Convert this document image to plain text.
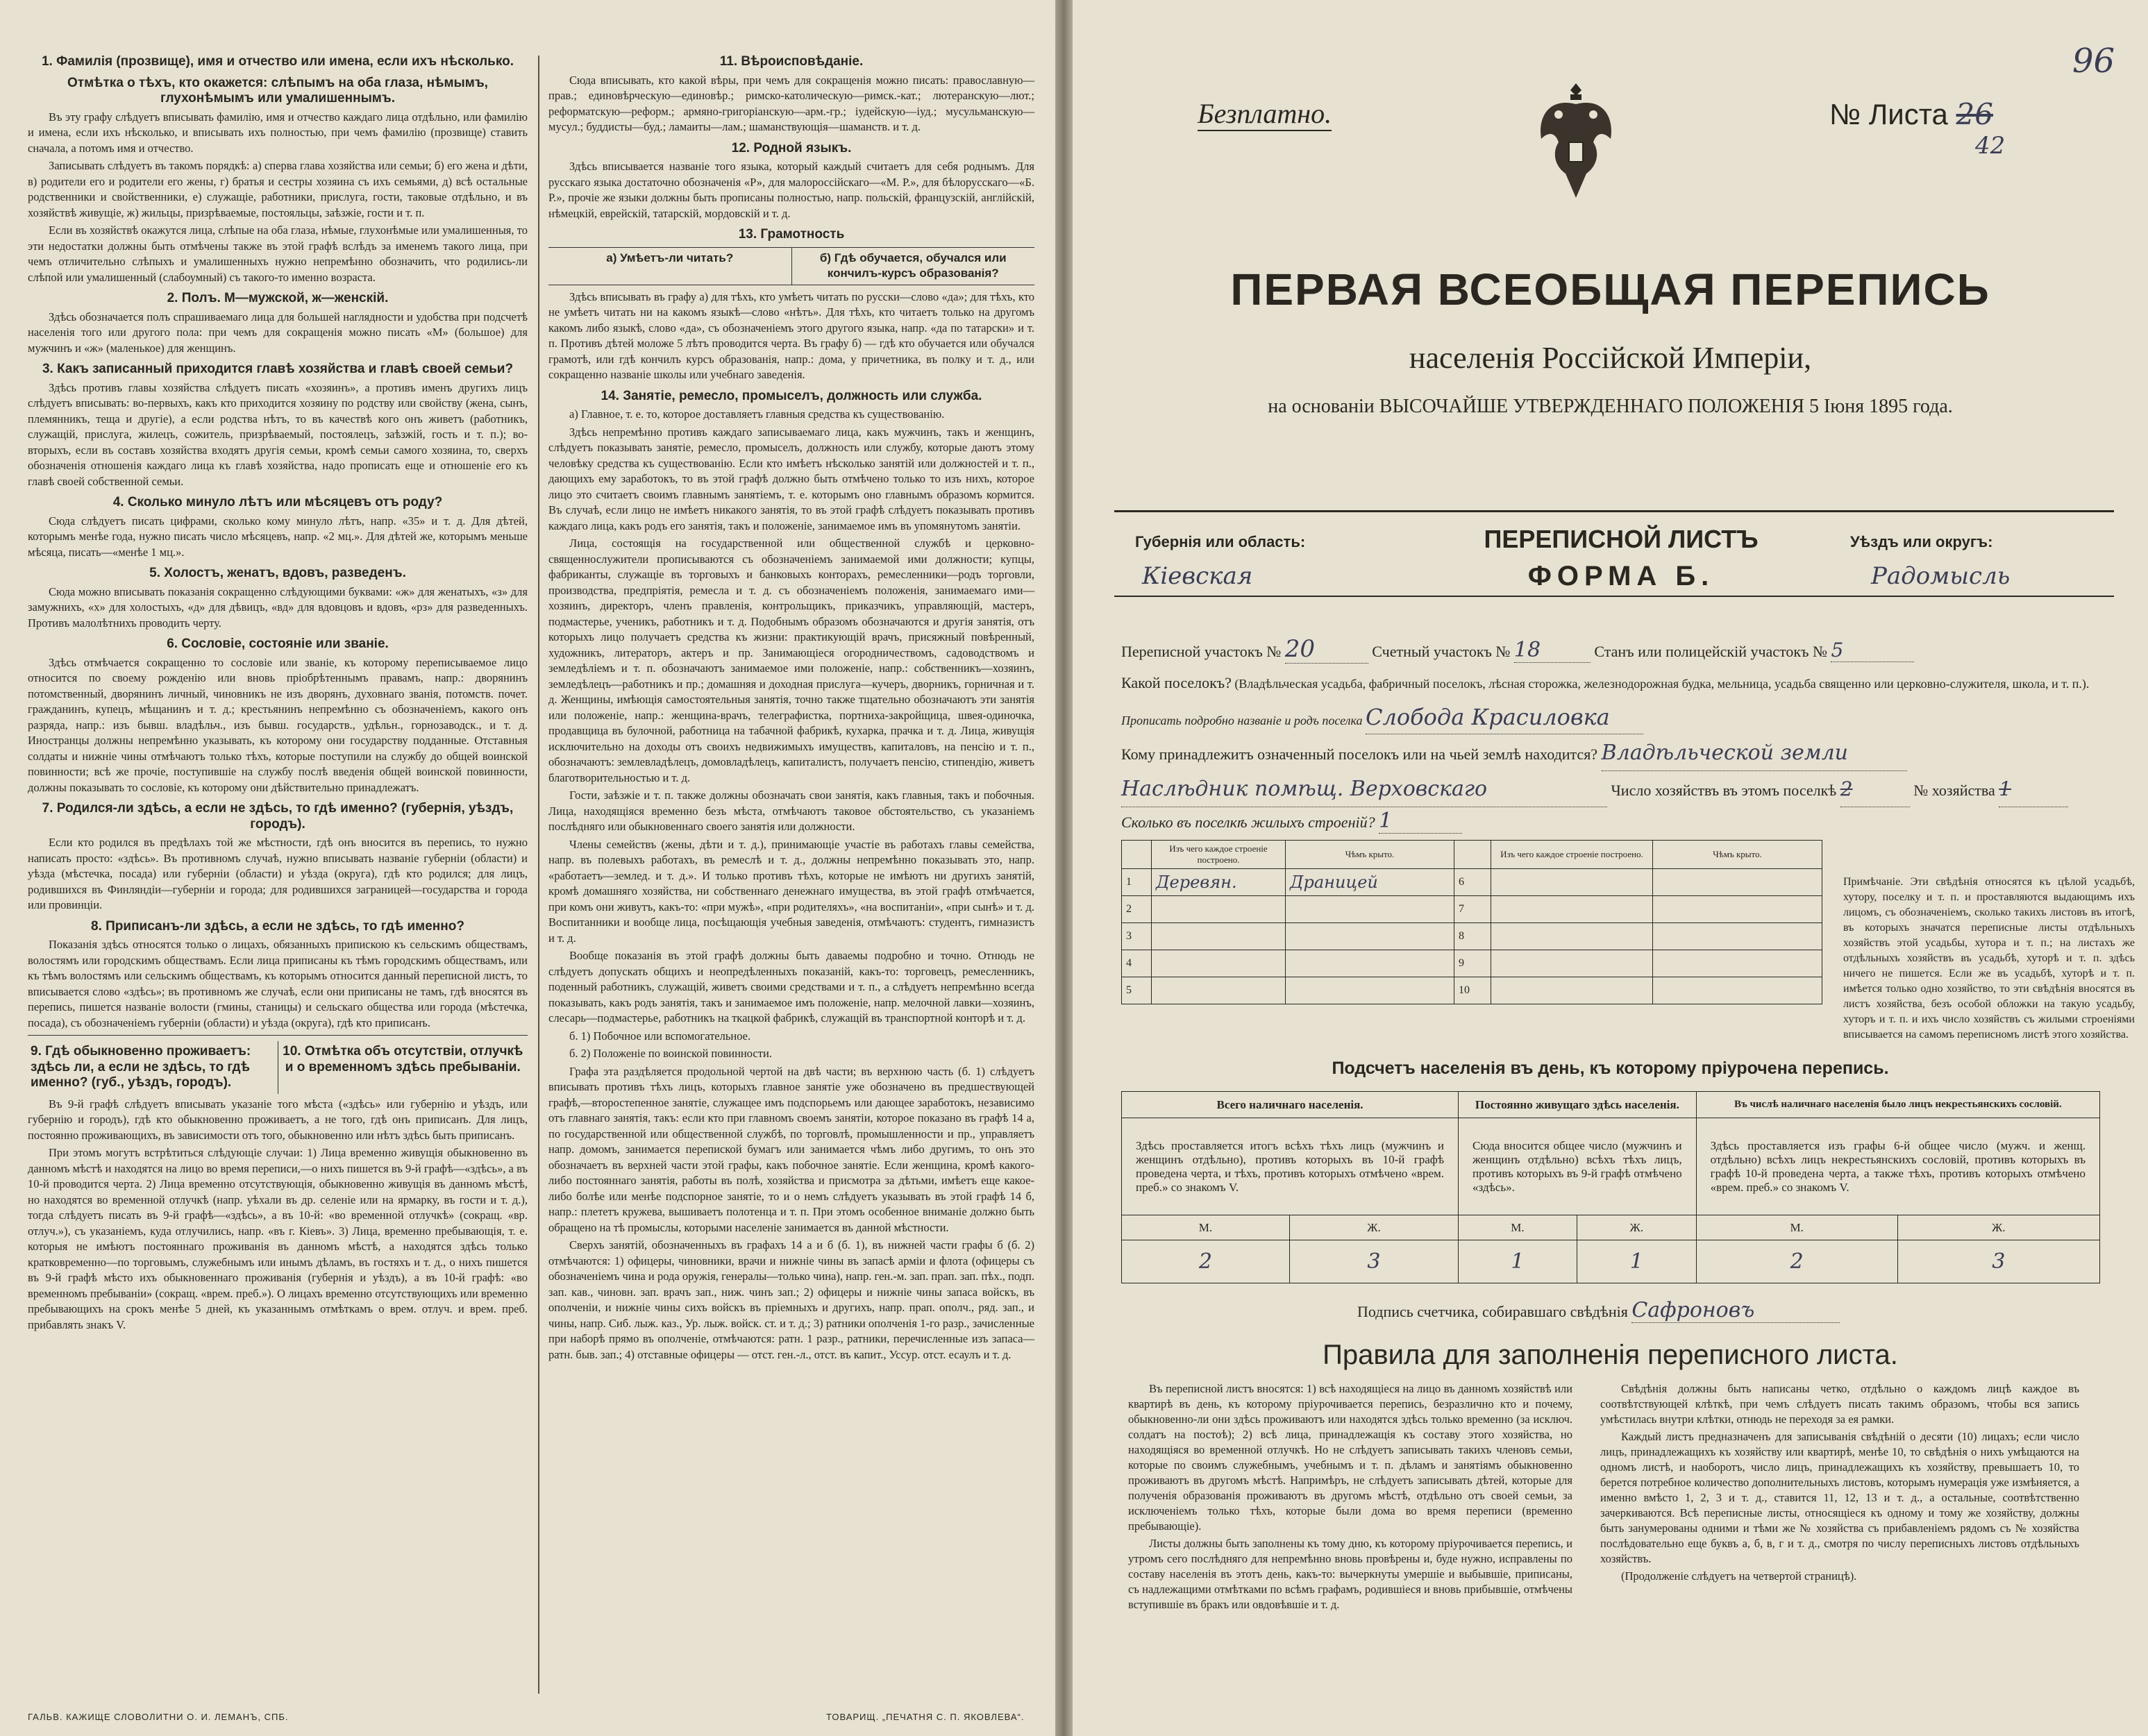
1. Фамилія (прозвище), имя и отчество или имена, если ихъ нѣсколько.
Отмѣтка о тѣхъ, кто окажется: слѣпымъ на оба глаза, нѣмымъ, глухонѣмымъ или умалишеннымъ.
Въ эту графу слѣдуетъ вписывать фамилію, имя и отчество каждаго лица отдѣльно, или фамилію и имена, если ихъ нѣсколько, и вписывать ихъ полностью, при чемъ фамилію (прозвище) ставить сначала, а потомъ имя и отчество.
Записывать слѣдуетъ въ такомъ порядкѣ: а) сперва глава хозяйства или семьи; б) его жена и дѣти, в) родители его и родители его жены, г) братья и сестры хозяина съ ихъ семьями, д) всѣ остальные родственники и свойственники, е) служащіе, работники, прислуга, гости, таковые отдѣльно, и въ хозяйствѣ живущіе, ж) жильцы, призрѣваемые, постояльцы, заѣзжіе, гости и т. п.
Если въ хозяйствѣ окажутся лица, слѣпые на оба глаза, нѣмые, глухонѣмые или умалишенныя, то эти недостатки должны быть отмѣчены также въ этой графѣ вслѣдъ за именемъ такого лица, при чемъ отличительно слѣпыхъ и умалишенныхъ нужно непремѣнно обозначить, что родились-ли слѣпой или умалишенный (слабоумный) съ такого-то именно возраста.
2. Полъ. М—мужской, ж—женскій.
Здѣсь обозначается полъ спрашиваемаго лица для большей наглядности и удобства при подсчетѣ населенія того или другого пола: при чемъ для сокращенія можно писать «М» (большое) для мужчинъ и «ж» (маленькое) для женщинъ.
3. Какъ записанный приходится главѣ хозяйства и главѣ своей семьи?
Здѣсь противъ главы хозяйства слѣдуетъ писать «хозяинъ», а противъ именъ другихъ лицъ слѣдуетъ вписывать: во-первыхъ, какъ кто приходится хозяину по родству или свойству (жена, сынъ, племянникъ, теща и другіе), а если родства нѣтъ, то въ качествѣ кого онъ живетъ (работникъ, служащій, прислуга, жилецъ, сожитель, призрѣваемый, постоялецъ, заѣзжій, гость и т. п.); во-вторыхъ, если въ составъ хозяйства входятъ другія семьи, кромѣ семьи самого хозяина, то, сверхъ обозначенія отношенія каждаго лица къ главѣ хозяйства, надо прописать еще и отношеніе его къ главѣ своей собственной семьи.
4. Сколько минуло лѣтъ или мѣсяцевъ отъ роду?
Сюда слѣдуетъ писать цифрами, сколько кому минуло лѣтъ, напр. «35» и т. д. Для дѣтей, которымъ менѣе года, нужно писать число мѣсяцевъ, напр. «2 мц.». Для дѣтей же, которымъ меньше мѣсяца, писать—«менѣе 1 мц.».
5. Холостъ, женатъ, вдовъ, разведенъ.
Сюда можно вписывать показанія сокращенно слѣдующими буквами: «ж» для женатыхъ, «з» для замужнихъ, «х» для холостыхъ, «д» для дѣвицъ, «вд» для вдовцовъ и вдовъ, «рз» для разведенныхъ. Противъ малолѣтнихъ проводить черту.
6. Сословіе, состояніе или званіе.
Здѣсь отмѣчается сокращенно то сословіе или званіе, къ которому переписываемое лицо относится по своему рожденію или вновь пріобрѣтеннымъ правамъ, напр.: дворянинъ потомственный, дворянинъ личный, чиновникъ не изъ дворянъ, духовнаго званія, потомств. почет. гражданинъ, купецъ, мѣщанинъ и т. д.; крестьянинъ непремѣнно съ обозначеніемъ, какого онъ разряда, напр.: изъ бывш. владѣльч., изъ бывш. государств., удѣльн., горнозаводск., и т. д. Иностранцы должны непремѣнно указывать, къ которому они государству подданные. Отставныя солдаты и нижніе чины отмѣчаютъ только тѣхъ, которые поступили на службу до общей воинской повинности; всѣ же прочіе, поступившіе на службу послѣ введенія общей воинской повинности, должны показывать то сословіе, къ которому они дѣйствительно принадлежатъ.
7. Родился-ли здѣсь, а если не здѣсь, то гдѣ именно? (губернія, уѣздъ, городъ).
Если кто родился въ предѣлахъ той же мѣстности, гдѣ онъ вносится въ перепись, то нужно написать просто: «здѣсь». Въ противномъ случаѣ, нужно вписывать названіе губерніи (области) и уѣзда (мѣстечка, посада) или губерніи (области) и уѣзда (округа), гдѣ кто родился; для лицъ, родившихся въ Финляндіи—губерніи и города; для родившихся заграницей—государства и города или провинціи.
8. Приписанъ-ли здѣсь, а если не здѣсь, то гдѣ именно?
Показанія здѣсь относятся только о лицахъ, обязанныхъ припискою къ сельскимъ обществамъ, волостямъ или городскимъ обществамъ. Если лица приписаны къ тѣмъ городскимъ обществамъ, или къ тѣмъ волостямъ или сельскимъ обществамъ, къ которымъ относится данный переписной листъ, то вписывается слово «здѣсь»; въ противномъ же случаѣ, если они приписаны не тамъ, гдѣ вносятся въ перепись, пишется названіе волости (гмины, станицы) и сельскаго общества или города (мѣстечка, посада), съ обозначеніемъ губерніи (области) и уѣзда (округа), гдѣ кто приписанъ.
9. Гдѣ обыкновенно проживаетъ: здѣсь ли, а если не здѣсь, то гдѣ именно? (губ., уѣздъ, городъ).
10. Отмѣтка объ отсутствіи, отлучкѣ и о временномъ здѣсь пребываніи.
Въ 9-й графѣ слѣдуетъ вписывать указаніе того мѣста («здѣсь» или губернію и уѣздъ, или губернію и городъ), гдѣ кто обыкновенно проживаетъ, а не того, гдѣ онъ приписанъ. Для лицъ, постоянно проживающихъ, въ зависимости отъ того, обыкновенно или нѣтъ здѣсь быть приписанъ.
При этомъ могутъ встрѣтиться слѣдующіе случаи: 1) Лица временно живущія обыкновенно въ данномъ мѣстѣ и находятся на лицо во время переписи,—о нихъ пишется въ 9-й графѣ—«здѣсь», а въ 10-й проводится черта. 2) Лица временно отсутствующія, обыкновенно живущія въ данномъ мѣстѣ, но находятся во временной отлучкѣ (напр. уѣхали въ др. селеніе или на ярмарку, въ гости и т. д.), тогда слѣдуетъ писать въ 9-й графѣ—«здѣсь», а въ 10-й: «во временной отлучкѣ» (сокращ. «вр. отлуч.»), съ указаніемъ, куда отлучились, напр. «въ г. Кіевъ». 3) Лица, временно пребывающія, т. е. которыя не имѣютъ постояннаго проживанія въ данномъ мѣстѣ, а находятся здѣсь только кратковременно—по торговымъ, служебнымъ или инымъ дѣламъ, въ гостяхъ и т. д., о нихъ пишется въ 9-й графѣ мѣсто ихъ обыкновеннаго проживанія (губернія и уѣздъ), а въ 10-й графѣ: «во временномъ пребываніи» (сокращ. «врем. преб.»). О лицахъ временно отсутствующихъ или временно пребывающихъ на срокъ менѣе 5 дней, къ указаннымъ отмѣткамъ о врем. отлуч. и врем. преб. прибавлять знакъ V.
11. Вѣроисповѣданіе.
Сюда вписывать, кто какой вѣры, при чемъ для сокращенія можно писать: православную—прав.; единовѣрческую—единовѣр.; римско-католическую—римск.-кат.; лютеранскую—лют.; реформатскую—реформ.; армяно-григоріанскую—арм.-гр.; іудейскую—іуд.; мусульманскую—мусул.; буддисты—буд.; ламаиты—лам.; шаманствующія—шаманств. и т. д.
12. Родной языкъ.
Здѣсь вписывается названіе того языка, который каждый считаетъ для себя роднымъ. Для русскаго языка достаточно обозначенія «Р», для малороссійскаго—«М. Р.», для бѣлорусскаго—«Б. Р.», прочіе же языки должны быть прописаны полностью, напр. польскій, французскій, англійскій, нѣмецкій, еврейскій, татарскій, мордовскій и т. д.
13. Грамотность
а) Умѣетъ-ли читать?	б) Гдѣ обучается, обучался или кончилъ-курсъ образованія?
Здѣсь вписывать въ графу а) для тѣхъ, кто умѣетъ читать по русски—слово «да»; для тѣхъ, кто не умѣетъ читать ни на какомъ языкѣ—слово «нѣтъ». Для тѣхъ, кто читаетъ только на другомъ какомъ либо языкѣ, слово «да», съ обозначеніемъ этого другого языка, напр. «да по татарски» и т. п. Противъ дѣтей моложе 5 лѣтъ проводится черта. Въ графу б) — гдѣ кто обучается или обучался грамотѣ, или гдѣ кончилъ курсъ образованія, напр.: дома, у причетника, въ полку и т. д., или сокращенно названіе школы или учебнаго заведенія.
14. Занятіе, ремесло, промыселъ, должность или служба.
а) Главное, т. е. то, которое доставляетъ главныя средства къ существованію.
Здѣсь непремѣнно противъ каждаго записываемаго лица, какъ мужчинъ, такъ и женщинъ, слѣдуетъ показывать занятіе, ремесло, промыселъ, должность или службу, которые даютъ этому человѣку средства къ существованію. Если кто имѣетъ нѣсколько занятій или должностей и т. п., дающихъ ему заработокъ, то въ этой графѣ должно быть отмѣчено только то изъ нихъ, которое лицо это считаетъ своимъ главнымъ занятіемъ, т. е. которымъ оно главнымъ образомъ кормится. Въ случаѣ, если лицо не имѣетъ никакого занятія, то въ этой графѣ слѣдуетъ показывать противъ каждаго лица, какъ родъ его занятія, такъ и положеніе, занимаемое имъ въ упомянутомъ занятіи.
Лица, состоящія на государственной или общественной службѣ и церковно-священнослужители прописываются съ обозначеніемъ занимаемой ими должности; купцы, фабриканты, служащіе въ торговыхъ и банковыхъ конторахъ, ремесленники—родъ торговли, производства, предпріятія, ремесла и т. д. съ обозначеніемъ положенія, занимаемаго ими—хозяинъ, директоръ, членъ правленія, контрольщикъ, приказчикъ, управляющій, мастеръ, подмастерье, ученикъ, работникъ и т. д. Подобнымъ образомъ обозначаются и другія занятія, отъ которыхъ лицо получаетъ средства къ жизни: практикующій врачъ, присяжный повѣренный, художникъ, литераторъ, актеръ и пр. Занимающіеся огородничествомъ, садоводствомъ и земледѣліемъ и т. п. обозначаютъ занимаемое ими положеніе, напр.: собственникъ—хозяинъ, земледѣлецъ—работникъ и пр.; домашняя и доходная прислуга—кучеръ, дворникъ, горничная и т. д. Женщины, имѣющія самостоятельныя занятія, точно также тщательно обозначаютъ эти занятія или положеніе, напр.: женщина-врачъ, телеграфистка, портниха-закройщица, швея-одиночка, продавщица въ булочной, работница на табачной фабрикѣ, кухарка, прачка и т. д. Лица, живущія исключительно на доходы отъ своихъ недвижимыхъ имуществъ, капиталовъ, на пенсію и т. п., обозначаютъ: землевладѣлецъ, домовладѣлецъ, капиталистъ, получаетъ пенсію, стипендію, живетъ благотворительностью и т. д.
Гости, заѣзжіе и т. п. также должны обозначать свои занятія, какъ главныя, такъ и побочныя. Лица, находящіяся временно безъ мѣста, отмѣчаютъ таковое обстоятельство, съ указаніемъ послѣдняго или обыкновеннаго своего занятія или должности.
Члены семействъ (жены, дѣти и т. д.), принимающіе участіе въ работахъ главы семейства, напр. въ полевыхъ работахъ, въ ремеслѣ и т. д., должны непремѣнно показывать это, напр. «работаетъ—землед. и т. д.». И только противъ тѣхъ, которые не имѣютъ ни другихъ занятій, кромѣ домашняго хозяйства, ни собственнаго денежнаго имущества, въ этой графѣ отмѣчается, при комъ они живутъ, какъ-то: «при мужѣ», «при родителяхъ», «на воспитаніи», «при сынѣ» и т. д. Воспитанники и вообще лица, посѣщающія учебныя заведенія, отмѣчаютъ: студентъ, гимназистъ и т. д.
Вообще показанія въ этой графѣ должны быть даваемы подробно и точно. Отнюдь не слѣдуетъ допускать общихъ и неопредѣленныхъ показаній, какъ-то: торговецъ, ремесленникъ, поденный работникъ, служащій, живетъ своими средствами и т. п., а слѣдуетъ непремѣнно всегда показывать, какъ родъ занятія, такъ и занимаемое имъ положеніе, напр. мелочной лавки—хозяинъ, слесарь—подмастерье, работникъ на ткацкой фабрикѣ, служащій въ транспортной конторѣ и т. д.
б. 1) Побочное или вспомогательное.
б. 2) Положеніе по воинской повинности.
Графа эта раздѣляется продольной чертой на двѣ части; въ верхнюю часть (б. 1) слѣдуетъ вписывать противъ тѣхъ лицъ, которыхъ главное занятіе уже обозначено въ предшествующей графѣ,—второстепенное занятіе, служащее имъ подспорьемъ или дающее заработокъ, независимо отъ главнаго занятія, такъ: если кто при главномъ своемъ занятіи, которое показано въ графѣ 14 а, по государственной или общественной службѣ, по торговлѣ, промышленности и пр., управляетъ напр. домомъ, занимается перепиской бумагъ или занимается чѣмъ либо другимъ, то онъ это обозначаетъ въ верхней части этой графы, какъ побочное занятіе. Если женщина, кромѣ какого-либо постояннаго занятія, работы въ полѣ, хозяйства и присмотра за дѣтьми, имѣетъ еще какое-либо болѣе или менѣе подспорное занятіе, то и о немъ слѣдуетъ указывать въ этой графѣ 14 б, напр.: плететъ кружева, вышиваетъ полотенца и т. п. При этомъ особенное вниманіе должно быть обращено на тѣ промыслы, которыми населеніе занимается въ данной мѣстности.
Сверхъ занятій, обозначенныхъ въ графахъ 14 а и б (б. 1), въ нижней части графы б (б. 2) отмѣчаются: 1) офицеры, чиновники, врачи и нижніе чины въ запасѣ арміи и флота (офицеры съ обозначеніемъ чина и рода оружія, генералы—только чина), напр. ген.-м. зап. прап. зап. пѣх., подп. зап. кав., чиновн. зап. врачъ зап., ниж. чинъ зап.; 2) офицеры и нижніе чины запаса войскъ, въ ополченіи, и нижніе чины сихъ войскъ въ пріемныхъ и другихъ, напр. прап. ополч., ряд. зап., и чины, напр. Сиб. лыж. каз., Ур. лыж. войск. ст. и т. д.; 3) ратники ополченія 1-го разр., зачисленные при наборѣ прямо въ ополченіе, отмѣчаются: ратн. 1 разр., ратники, перечисленные изъ запаса—ратн. быв. зап.; 4) отставные офицеры — отст. ген.-л., отст. въ капит., Уссур. отст. есаулъ и т. д.
ГАЛЬВ. КАЖИЩЕ СЛОВОЛИТНИ О. И. ЛЕМАНЪ, СПБ.	ТОВАРИЩ. „ПЕЧАТНЯ С. П. ЯКОВЛЕВА“.
Безплатно.	№ Листа 26
42
96
ПЕРВАЯ ВСЕОБЩАЯ ПЕРЕПИСЬ
населенія Россійской Имперіи,
на основаніи ВЫСОЧАЙШЕ УТВЕРЖДЕННАГО ПОЛОЖЕНІЯ 5 Іюня 1895 года.
Губернія или область:
Кіевская
ПЕРЕПИСНОЙ ЛИСТЪ
ФОРМА Б.
Уѣздъ или округъ:
Радомысль
Переписной участокъ № 20	Счетный участокъ № 18	Станъ или полицейскій участокъ № 5
Какой поселокъ? (Владѣльческая усадьба, фабричный поселокъ, лѣсная сторожка, железнодорожная будка, мельница, усадьба священно или церковно-служителя, школа, и т. п.). Прописать подробно названіе и родъ поселка Слобода Красиловка
Кому принадлежитъ означенный поселокъ или на чьей землѣ находится? Владѣльческой земли
Наслѣдник помѣщ. Верховскаго	Число хозяйствъ въ этомъ поселкѣ 2	№ хозяйства 1
Сколько въ поселкѣ жилыхъ строеній? 1
	Изъ чего каждое строеніе построено.	Чѣмъ крыто.		Изъ чего каждое строеніе построено.	Чѣмъ крыто.
1	Деревян.	Драницей	6		
2			7		
3			8		
4			9		
5			10		
Примѣчаніе. Эти свѣдѣнія относятся къ цѣлой усадьбѣ, хутору, поселку и т. п. и проставляются выдающимъ ихъ лицомъ, съ обозначеніемъ, сколько такихъ листовъ въ итогѣ, въ которыхъ значатся переписные листы отдѣльныхъ хозяйствъ этой усадьбы, хутора и т. п.; на листахъ же отдѣльныхъ хозяйствъ въ усадьбѣ, хуторѣ и т. п. здѣсь ничего не пишется. Если же въ усадьбѣ, хуторѣ и т. п. имѣется только одно хозяйство, то эти свѣдѣнія вносятся въ листъ хозяйства, безъ особой обложки на такую усадьбу, хуторъ и т. п. и ихъ число хозяйствъ съ жилыми строеніями вписывается на самомъ переписномъ листѣ этого хозяйства.
Подсчетъ населенія въ день, къ которому пріурочена перепись.
Всего наличнаго населенія.		Постоянно живущаго здѣсь населенія.		Въ числѣ наличнаго населенія было лицъ некрестьянскихъ сословій.	
Здѣсь проставляется итогъ всѣхъ тѣхъ лицъ (мужчинъ и женщинъ отдѣльно), противъ которыхъ въ 10-й графѣ проведена черта, и тѣхъ, противъ которыхъ отмѣчено «врем. преб.» со знакомъ V.		Сюда вносится общее число (мужчинъ и женщинъ отдѣльно) всѣхъ тѣхъ лицъ, противъ которыхъ въ 9-й графѣ отмѣчено «здѣсь».		Здѣсь проставляется изъ графы 6-й общее число (мужч. и женщ. отдѣльно) всѣхъ лицъ некрестьянскихъ сословій, противъ которыхъ въ графѣ 10-й проведена черта, а также тѣхъ, противъ которыхъ отмѣчено «врем. преб.» со знакомъ V.	
М.	Ж.	М.	Ж.	М.	Ж.
2	3	1	1	2	3
Подпись счетчика, собиравшаго свѣдѣнія Сафроновъ
Правила для заполненія переписного листа.
Въ переписной листъ вносятся: 1) всѣ находящіеся на лицо въ данномъ хозяйствѣ или квартирѣ въ день, къ которому пріурочивается перепись, безразлично кто и почему, обыкновенно-ли они здѣсь проживаютъ или находятся здѣсь только временно (за исключ. солдатъ на постоѣ); 2) всѣ лица, принадлежащія къ составу этого хозяйства, но находящіяся во временной отлучкѣ. Но не слѣдуетъ записывать такихъ членовъ семьи, которые по своимъ служебнымъ, учебнымъ и т. п. дѣламъ и занятіямъ обыкновенно проживаютъ въ другомъ мѣстѣ. Напримѣръ, не слѣдуетъ записывать дѣтей, которые для полученія образованія проживаютъ въ другомъ мѣстѣ, отдѣльно отъ своей семьи, за исключеніемъ только тѣхъ, которые были дома во время переписи (временно пребывающіе).
Листы должны быть заполнены къ тому дню, къ которому пріурочивается перепись, и утромъ сего послѣдняго для непремѣнно вновь провѣрены и, буде нужно, исправлены по составу населенія въ этотъ день, какъ-то: вычеркнуты умершіе и выбывшіе, приписаны, съ надлежащими отмѣтками по всѣмъ графамъ, родившіеся и вновь прибывшіе, отмѣчены вступившіе въ бракъ или овдовѣвшіе и т. д.
Свѣдѣнія должны быть написаны четко, отдѣльно о каждомъ лицѣ каждое въ соотвѣтствующей клѣткѣ, при чемъ слѣдуетъ писать такимъ образомъ, чтобы вся запись умѣстилась внутри клѣтки, отнюдь не переходя за ея рамки.
Каждый листъ предназначенъ для записыванія свѣдѣній о десяти (10) лицахъ; если число лицъ, принадлежащихъ къ хозяйству или квартирѣ, менѣе 10, то свѣдѣнія о нихъ умѣщаются на одномъ листѣ, и наоборотъ, число лицъ, принадлежащихъ къ хозяйству, превышаетъ 10, то берется потребное количество дополнительныхъ листовъ, которымъ нумерація уже измѣняется, а именно вмѣсто 1, 2, 3 и т. д., ставится 11, 12, 13 и т. д., а остальные, соотвѣтственно зачеркиваются. Всѣ переписные листы, относящіеся къ одному и тому же хозяйству, должны быть занумерованы одними и тѣми же № хозяйства съ прибавленіемъ рядомъ съ № хозяйства послѣдовательно еще буквъ а, б, в, г и т. д., смотря по числу переписныхъ листовъ отдѣльныхъ хозяйствъ.
(Продолженіе слѣдуетъ на четвертой страницѣ).
